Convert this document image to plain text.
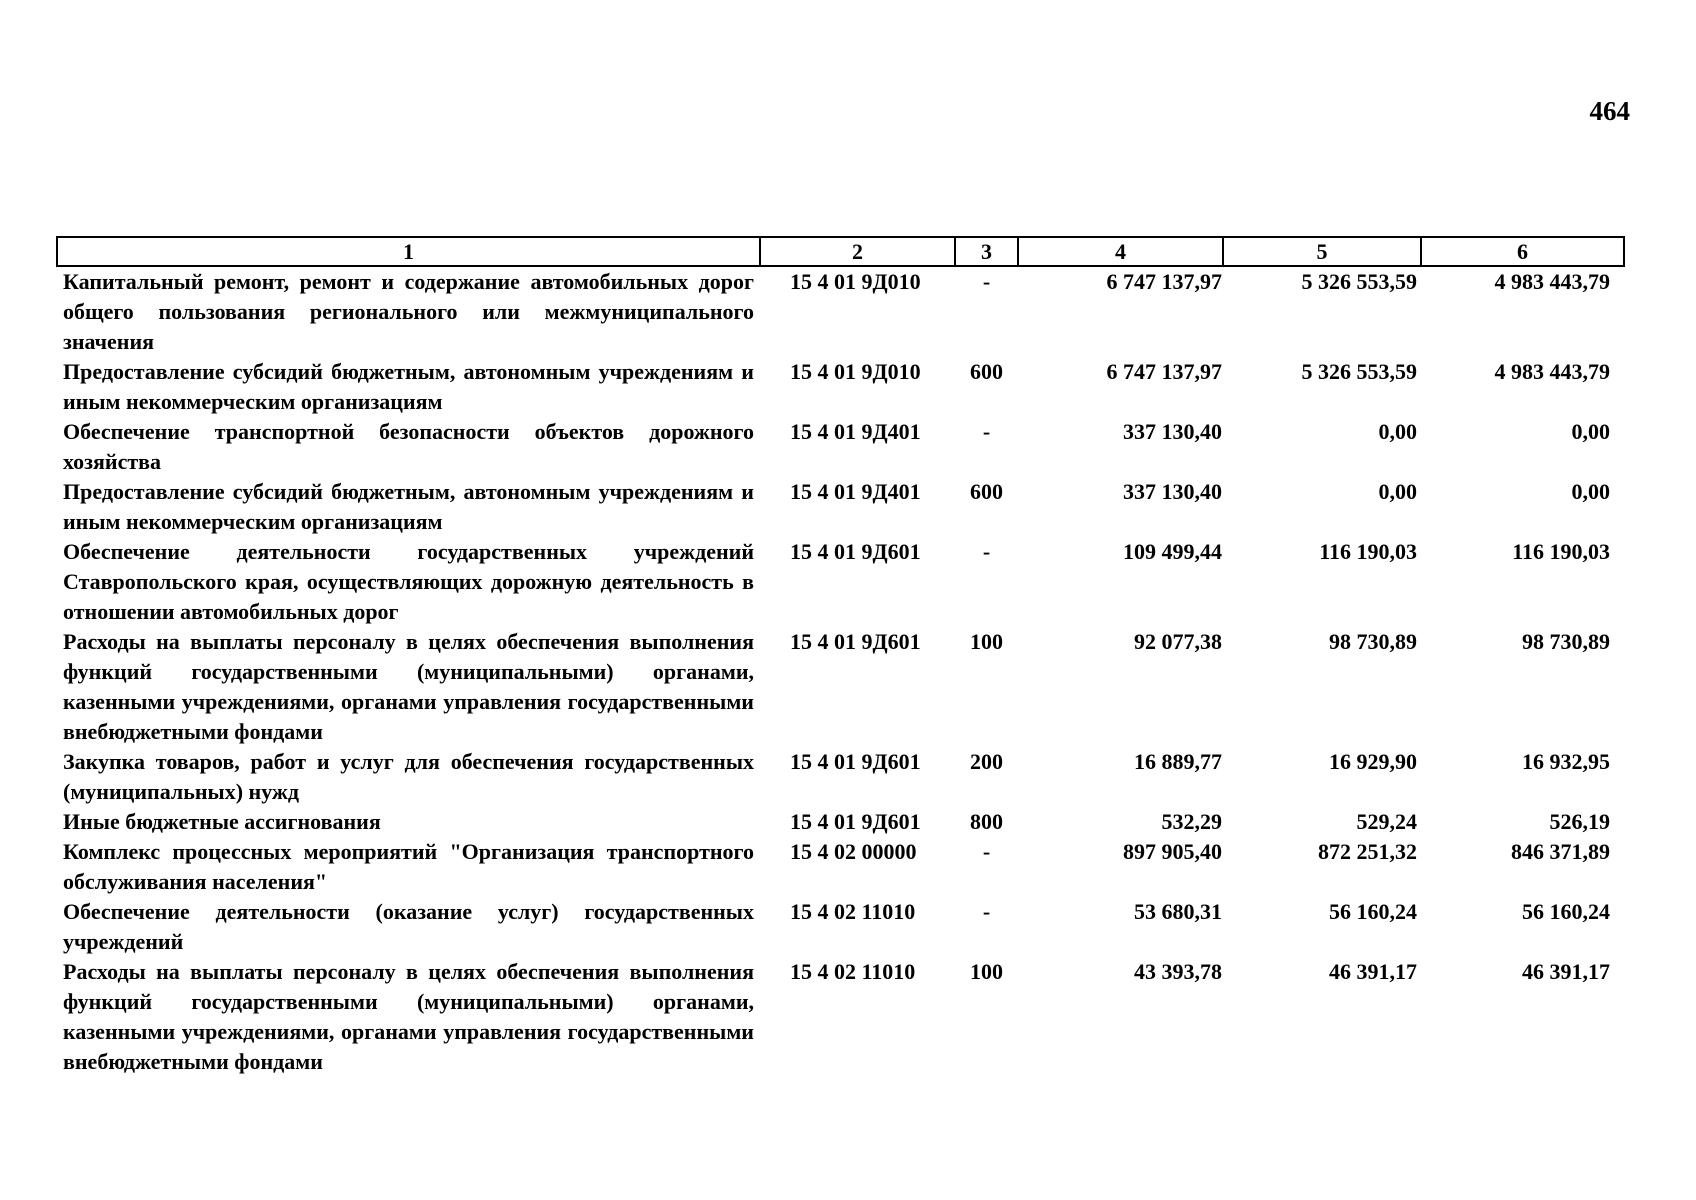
464
1	2	3	4	5	6
Капитальный ремонт, ремонт и содержание автомобильных дорог общего пользования регионального или межмуниципального значения	15 4 01 9Д010	-	6 747 137,97	5 326 553,59	4 983 443,79
Предоставление субсидий бюджетным, автономным учреждениям и иным некоммерческим организациям	15 4 01 9Д010	600	6 747 137,97	5 326 553,59	4 983 443,79
Обеспечение транспортной безопасности объектов дорожного хозяйства	15 4 01 9Д401	-	337 130,40	0,00	0,00
Предоставление субсидий бюджетным, автономным учреждениям и иным некоммерческим организациям	15 4 01 9Д401	600	337 130,40	0,00	0,00
Обеспечение деятельности государственных учреждений Ставропольского края, осуществляющих дорожную деятельность в отношении автомобильных дорог	15 4 01 9Д601	-	109 499,44	116 190,03	116 190,03
Расходы на выплаты персоналу в целях обеспечения выполнения функций государственными (муниципальными) органами, казенными учреждениями, органами управления государственными внебюджетными фондами	15 4 01 9Д601	100	92 077,38	98 730,89	98 730,89
Закупка товаров, работ и услуг для обеспечения государственных (муниципальных) нужд	15 4 01 9Д601	200	16 889,77	16 929,90	16 932,95
Иные бюджетные ассигнования	15 4 01 9Д601	800	532,29	529,24	526,19
Комплекс процессных мероприятий "Организация транспортного обслуживания населения"	15 4 02 00000	-	897 905,40	872 251,32	846 371,89
Обеспечение деятельности (оказание услуг) государственных учреждений	15 4 02 11010	-	53 680,31	56 160,24	56 160,24
Расходы на выплаты персоналу в целях обеспечения выполнения функций государственными (муниципальными) органами, казенными учреждениями, органами управления государственными внебюджетными фондами	15 4 02 11010	100	43 393,78	46 391,17	46 391,17
